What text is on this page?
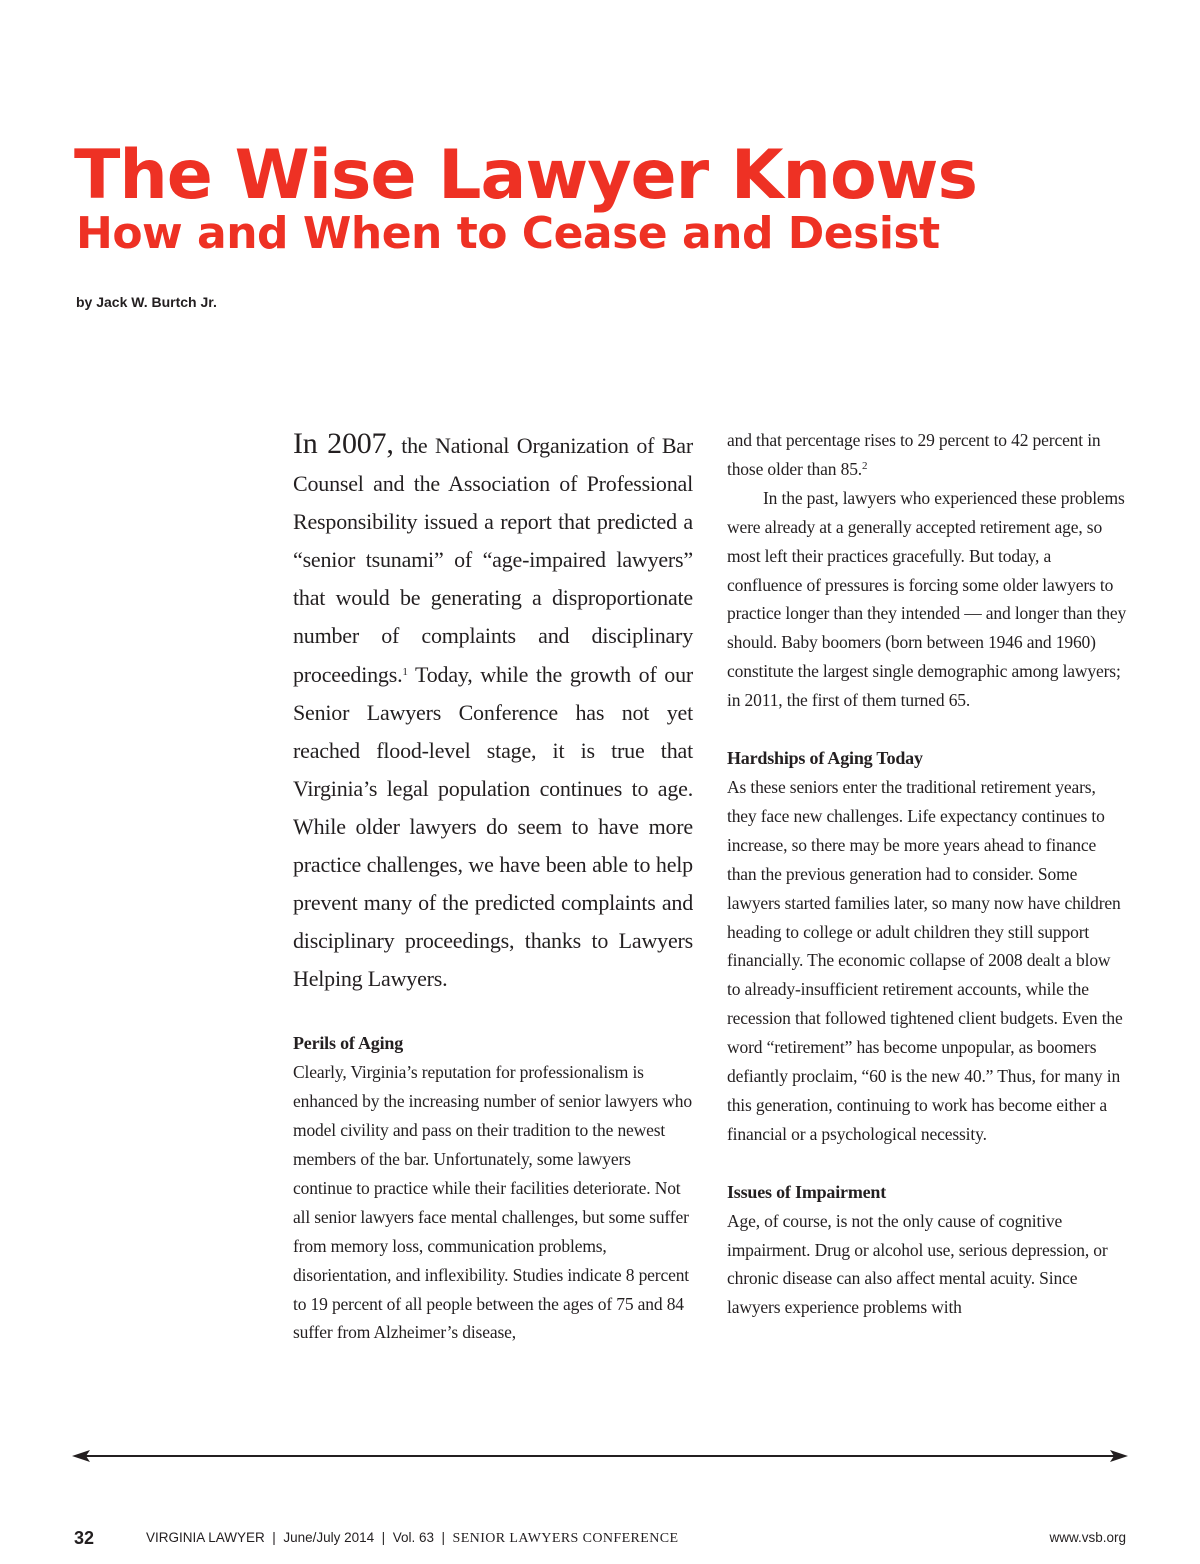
The Wise Lawyer Knows
How and When to Cease and Desist
by Jack W. Burtch Jr.

In 2007, the National Organization of Bar Counsel and the Association of Professional Responsibility issued a report that predicted a “senior tsunami” of “age-impaired lawyers” that would be generating a disproportionate number of complaints and disciplinary proceedings.$^1$ Today, while the growth of our Senior Lawyers Conference has not yet reached flood-level stage, it is true that Virginia’s legal population continues to age. While older lawyers do seem to have more practice challenges, we have been able to help prevent many of the predicted complaints and disciplinary proceedings, thanks to Lawyers Helping Lawyers.

Perils of Aging

Clearly, Virginia’s reputation for professionalism is enhanced by the increasing number of senior lawyers who model civility and pass on their tradition to the newest members of the bar. Unfortunately, some lawyers continue to practice while their facilities deteriorate. Not all senior lawyers face mental challenges, but some suffer from memory loss, communication problems, disorientation, and inflexibility. Studies indicate 8 percent to 19 percent of all people between the ages of 75 and 84 suffer from Alzheimer’s disease,

and that percentage rises to 29 percent to 42 percent in those older than 85.$^2$

In the past, lawyers who experienced these problems were already at a generally accepted retirement age, so most left their practices gracefully. But today, a confluence of pressures is forcing some older lawyers to practice longer than they intended — and longer than they should. Baby boomers (born between 1946 and 1960) constitute the largest single demographic among lawyers; in 2011, the first of them turned 65.

Hardships of Aging Today

As these seniors enter the traditional retirement years, they face new challenges. Life expectancy continues to increase, so there may be more years ahead to finance than the previous generation had to consider. Some lawyers started families later, so many now have children heading to college or adult children they still support financially. The economic collapse of 2008 dealt a blow to already-insufficient retirement accounts, while the recession that followed tightened client budgets. Even the word “retirement” has become unpopular, as boomers defiantly proclaim, “60 is the new 40.” Thus, for many in this generation, continuing to work has become either a financial or a psychological necessity.

Issues of Impairment

Age, of course, is not the only cause of cognitive impairment. Drug or alcohol use, serious depression, or chronic disease can also affect mental acuity. Since lawyers experience problems with

32	VIRGINIA LAWYER | June/July 2014 | Vol. 63 | SENIOR LAWYERS CONFERENCE	www.vsb.org
